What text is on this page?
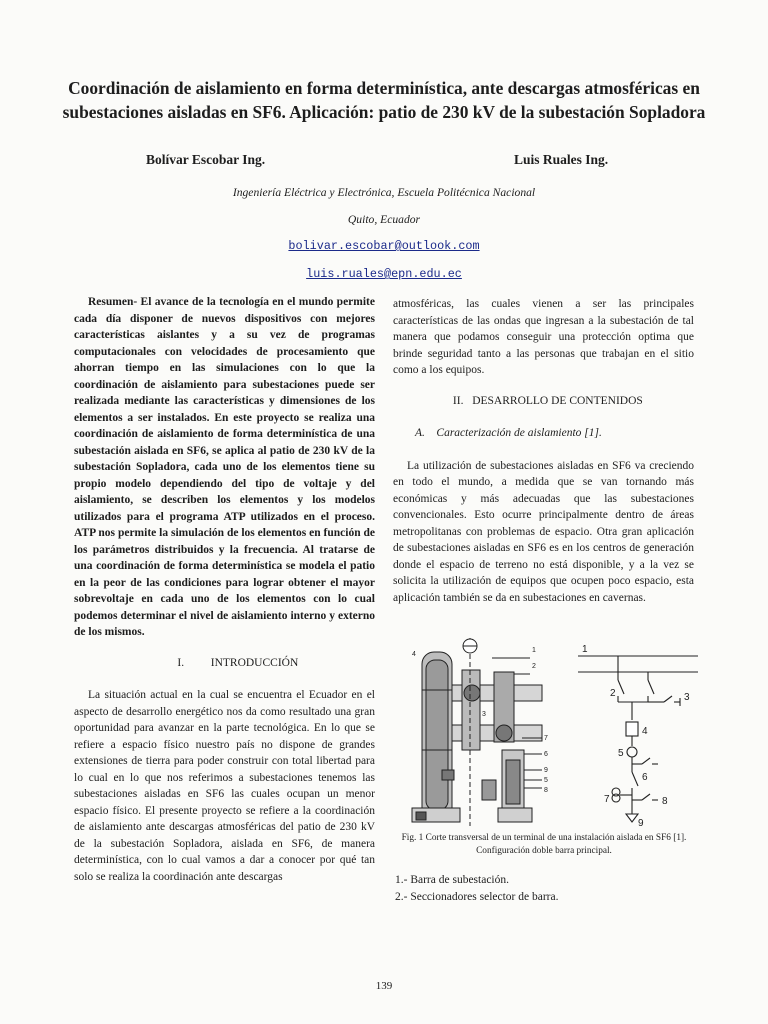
Coordinación de aislamiento en forma determinística, ante descargas atmosféricas en subestaciones aisladas en SF6. Aplicación: patio de 230 kV de la subestación Sopladora
Bolívar Escobar Ing.	Luis Ruales Ing.
Ingeniería Eléctrica y Electrónica, Escuela Politécnica Nacional
Quito, Ecuador
bolivar.escobar@outlook.com
luis.ruales@epn.edu.ec

Resumen- El avance de la tecnología en el mundo permite cada día disponer de nuevos dispositivos con mejores características aislantes y a su vez de programas computacionales con velocidades de procesamiento que ahorran tiempo en las simulaciones con lo que la coordinación de aislamiento para subestaciones puede ser realizada mediante las características y dimensiones de los elementos a ser instalados. En este proyecto se realiza una coordinación de aislamiento de forma determinística de una subestación aislada en SF6, se aplica al patio de 230 kV de la subestación Sopladora, cada uno de los elementos tiene su propio modelo dependiendo del tipo de voltaje y del aislamiento, se describen los elementos y los modelos utilizados para el programa ATP utilizados en el proceso. ATP nos permite la simulación de los elementos en función de los parámetros distribuidos y la frecuencia. Al tratarse de una coordinación de forma determinística se modela el patio en la peor de las condiciones para lograr obtener el mayor sobrevoltaje en cada uno de los elementos con lo cual podemos determinar el nivel de aislamiento interno y externo de los mismos.

I. INTRODUCCIÓN

La situación actual en la cual se encuentra el Ecuador en el aspecto de desarrollo energético nos da como resultado una gran oportunidad para avanzar en la parte tecnológica. En lo que se refiere a espacio físico nuestro país no dispone de grandes extensiones de tierra para poder construir con total libertad para lo cual en lo que nos referimos a subestaciones tenemos las subestaciones aisladas en SF6 las cuales ocupan un menor espacio físico. El presente proyecto se refiere a la coordinación de aislamiento ante descargas atmosféricas del patio de 230 kV de la subestación Sopladora, aislada en SF6, de manera determinística, con lo cual vamos a dar a conocer por qué tan solo se realiza la coordinación ante descargas

atmosféricas, las cuales vienen a ser las principales características de las ondas que ingresan a la subestación de tal manera que podamos conseguir una protección optima que brinde seguridad tanto a las personas que trabajan en el sitio como a los equipos.

II. DESARROLLO DE CONTENIDOS
A.    Caracterización de aislamiento [1].

La utilización de subestaciones aisladas en SF6 va creciendo en todo el mundo, a medida que se van tornando más económicas y más adecuadas que las subestaciones convencionales. Esto ocurre principalmente dentro de áreas metropolitanas con problemas de espacio. Otra gran aplicación de subestaciones aisladas en SF6 es en los centros de generación donde el espacio de terreno no está disponible, y a la vez se solicita la utilización de equipos que ocupen poco espacio, esta aplicación también se da en subestaciones en cavernas.

4
1
2
3
7
6
9
5
8
1
2	3
4
5
6
7	8
9
Fig. 1 Corte transversal de un terminal de una instalación aislada en SF6 [1]. Configuración doble barra principal.
1.- Barra de subestación.
2.- Seccionadores selector de barra.
139
